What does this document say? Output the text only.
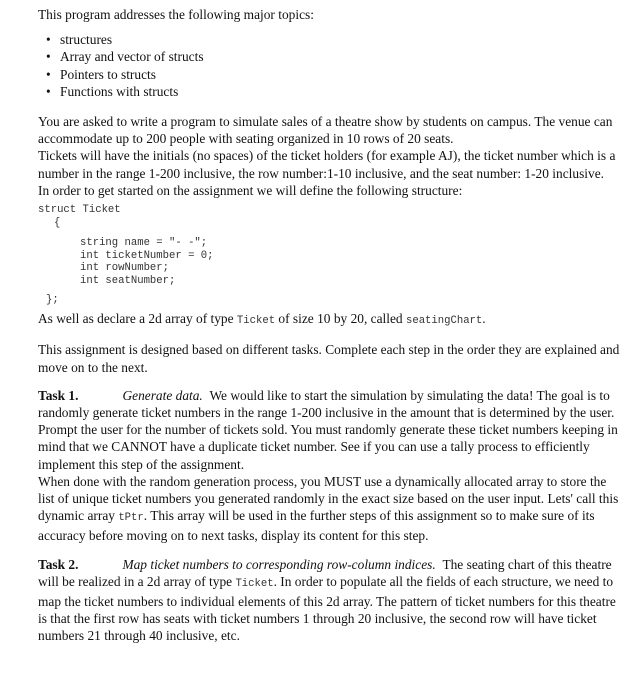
This program addresses the following major topics:

• structures
• Array and vector of structs
• Pointers to structs
• Functions with structs

You are asked to write a program to simulate sales of a theatre show by students on campus. The venue can accommodate up to 200 people with seating organized in 10 rows of 20 seats.

Tickets will have the initials (no spaces) of the ticket holders (for example AJ), the ticket number which is a number in the range 1-200 inclusive, the row number:1-10 inclusive, and the seat number: 1-20 inclusive.

In order to get started on the assignment we will define the following structure:

struct Ticket
{
string name = "- -";
int ticketNumber = 0;
int rowNumber;
int seatNumber;
};

As well as declare a 2d array of type Ticket of size 10 by 20, called seatingChart.

This assignment is designed based on different tasks. Complete each step in the order they are explained and move on to the next.

Task 1.	Generate data. We would like to start the simulation by simulating the data! The goal is to randomly generate ticket numbers in the range 1-200 inclusive in the amount that is determined by the user.

Prompt the user for the number of tickets sold. You must randomly generate these ticket numbers keeping in mind that we CANNOT have a duplicate ticket number. See if you can use a tally process to efficiently implement this step of the assignment.

When done with the random generation process, you MUST use a dynamically allocated array to store the list of unique ticket numbers you generated randomly in the exact size based on the user input. Lets' call this dynamic array tPtr. This array will be used in the further steps of this assignment so to make sure of its accuracy before moving on to next tasks, display its content for this step.

Task 2.	Map ticket numbers to corresponding row-column indices. The seating chart of this theatre will be realized in a 2d array of type Ticket. In order to populate all the fields of each structure, we need to map the ticket numbers to individual elements of this 2d array. The pattern of ticket numbers for this theatre is that the first row has seats with ticket numbers 1 through 20 inclusive, the second row will have ticket numbers 21 through 40 inclusive, etc.
